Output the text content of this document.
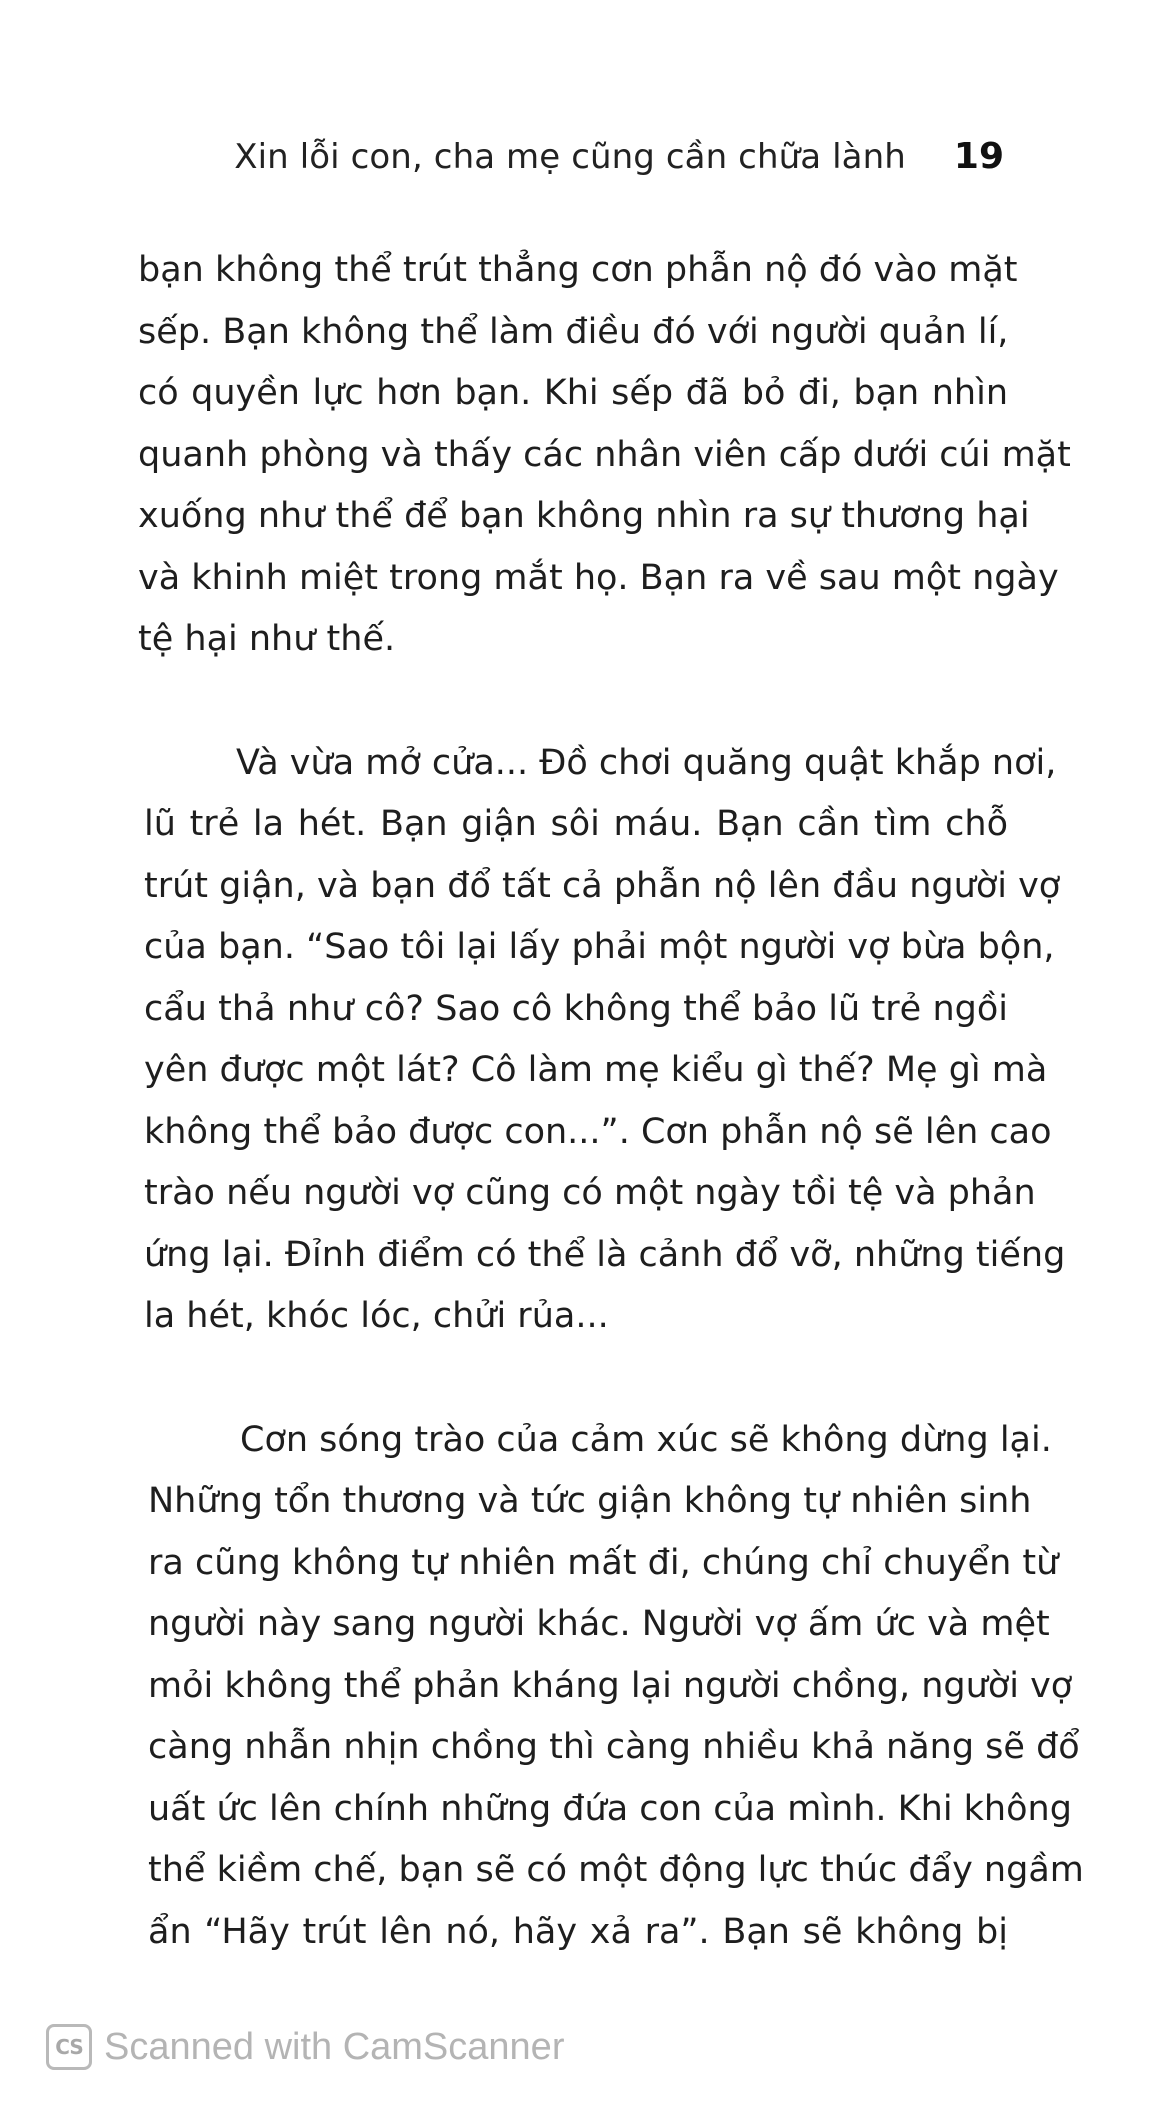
Xin lỗi con, cha mẹ cũng cần chữa lành 19
bạn không thể trút thẳng cơn phẫn nộ đó vào mặt
sếp. Bạn không thể làm điều đó với người quản lí,
có quyền lực hơn bạn. Khi sếp đã bỏ đi, bạn nhìn
quanh phòng và thấy các nhân viên cấp dưới cúi mặt
xuống như thể để bạn không nhìn ra sự thương hại
và khinh miệt trong mắt họ. Bạn ra về sau một ngày
tệ hại như thế.
Và vừa mở cửa... Đồ chơi quăng quật khắp nơi,
lũ trẻ la hét. Bạn giận sôi máu. Bạn cần tìm chỗ
trút giận, và bạn đổ tất cả phẫn nộ lên đầu người vợ
của bạn. “Sao tôi lại lấy phải một người vợ bừa bộn,
cẩu thả như cô? Sao cô không thể bảo lũ trẻ ngồi
yên được một lát? Cô làm mẹ kiểu gì thế? Mẹ gì mà
không thể bảo được con...”. Cơn phẫn nộ sẽ lên cao
trào nếu người vợ cũng có một ngày tồi tệ và phản
ứng lại. Đỉnh điểm có thể là cảnh đổ vỡ, những tiếng
la hét, khóc lóc, chửi rủa...
Cơn sóng trào của cảm xúc sẽ không dừng lại.
Những tổn thương và tức giận không tự nhiên sinh
ra cũng không tự nhiên mất đi, chúng chỉ chuyển từ
người này sang người khác. Người vợ ấm ức và mệt
mỏi không thể phản kháng lại người chồng, người vợ
càng nhẫn nhịn chồng thì càng nhiều khả năng sẽ đổ
uất ức lên chính những đứa con của mình. Khi không
thể kiềm chế, bạn sẽ có một động lực thúc đẩy ngầm
ẩn “Hãy trút lên nó, hãy xả ra”. Bạn sẽ không bị
CS Scanned with CamScanner
